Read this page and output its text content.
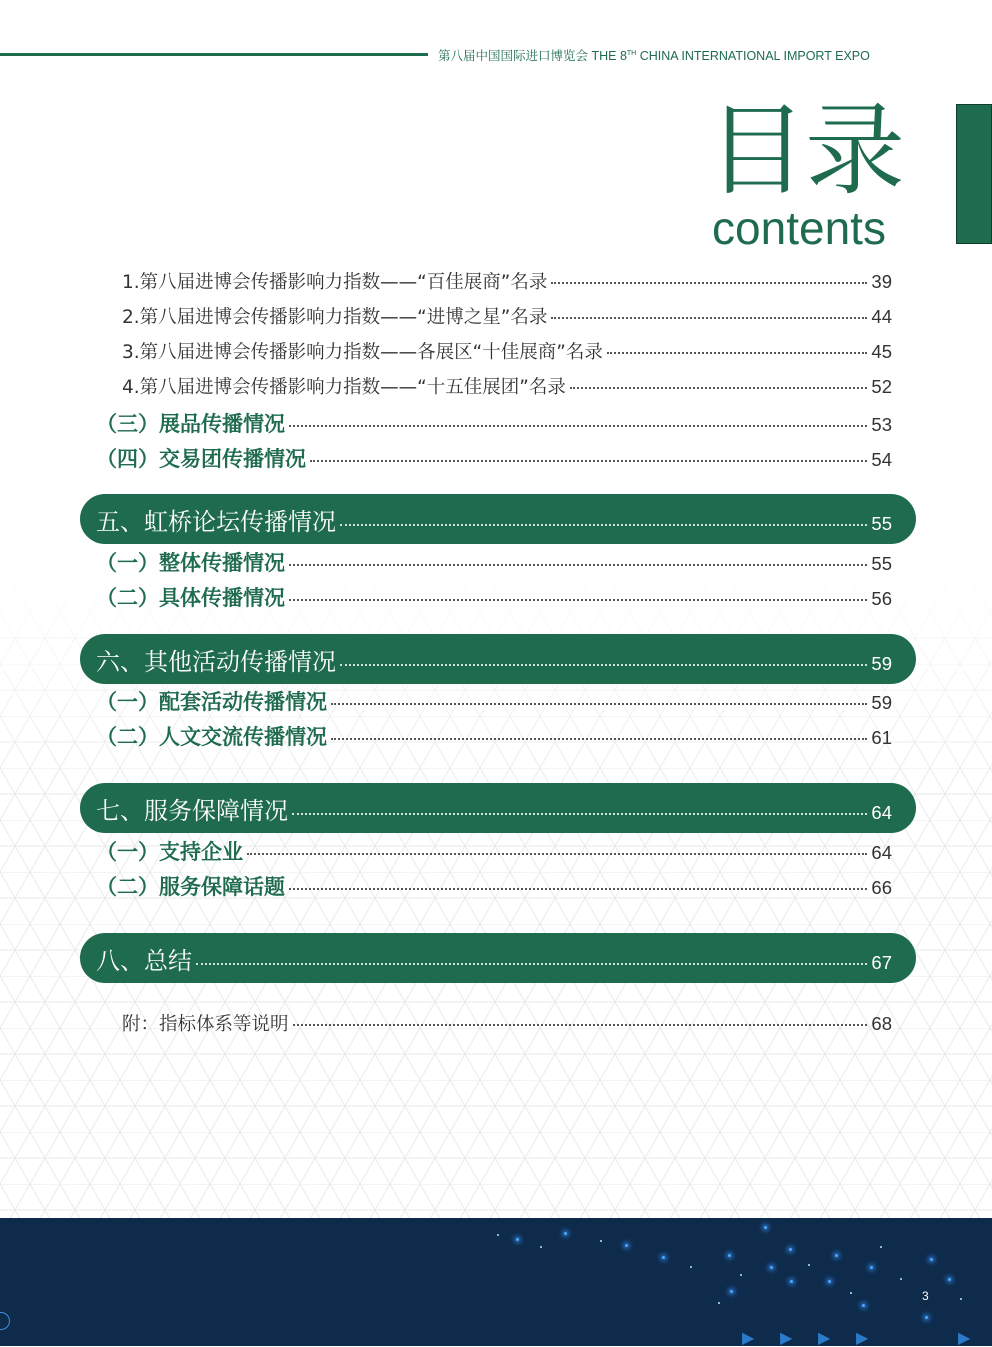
第八届中国国际进口博览会 THE 8TH CHINA INTERNATIONAL IMPORT EXPO
目录
contents
1.第八届进博会传播影响力指数——“百佳展商”名录	39
2.第八届进博会传播影响力指数——“进博之星”名录	44
3.第八届进博会传播影响力指数——各展区“十佳展商”名录	45
4.第八届进博会传播影响力指数——“十五佳展团”名录	52
（三）展品传播情况	53
（四）交易团传播情况	54
五、虹桥论坛传播情况	55
（一）整体传播情况	55
（二）具体传播情况	56
六、其他活动传播情况	59
（一）配套活动传播情况	59
（二）人文交流传播情况	61
七、服务保障情况	64
（一）支持企业	64
（二）服务保障话题	66
八、总结	67
附：指标体系等说明	68
3
▶ ▶ ▶ ▶	▶
